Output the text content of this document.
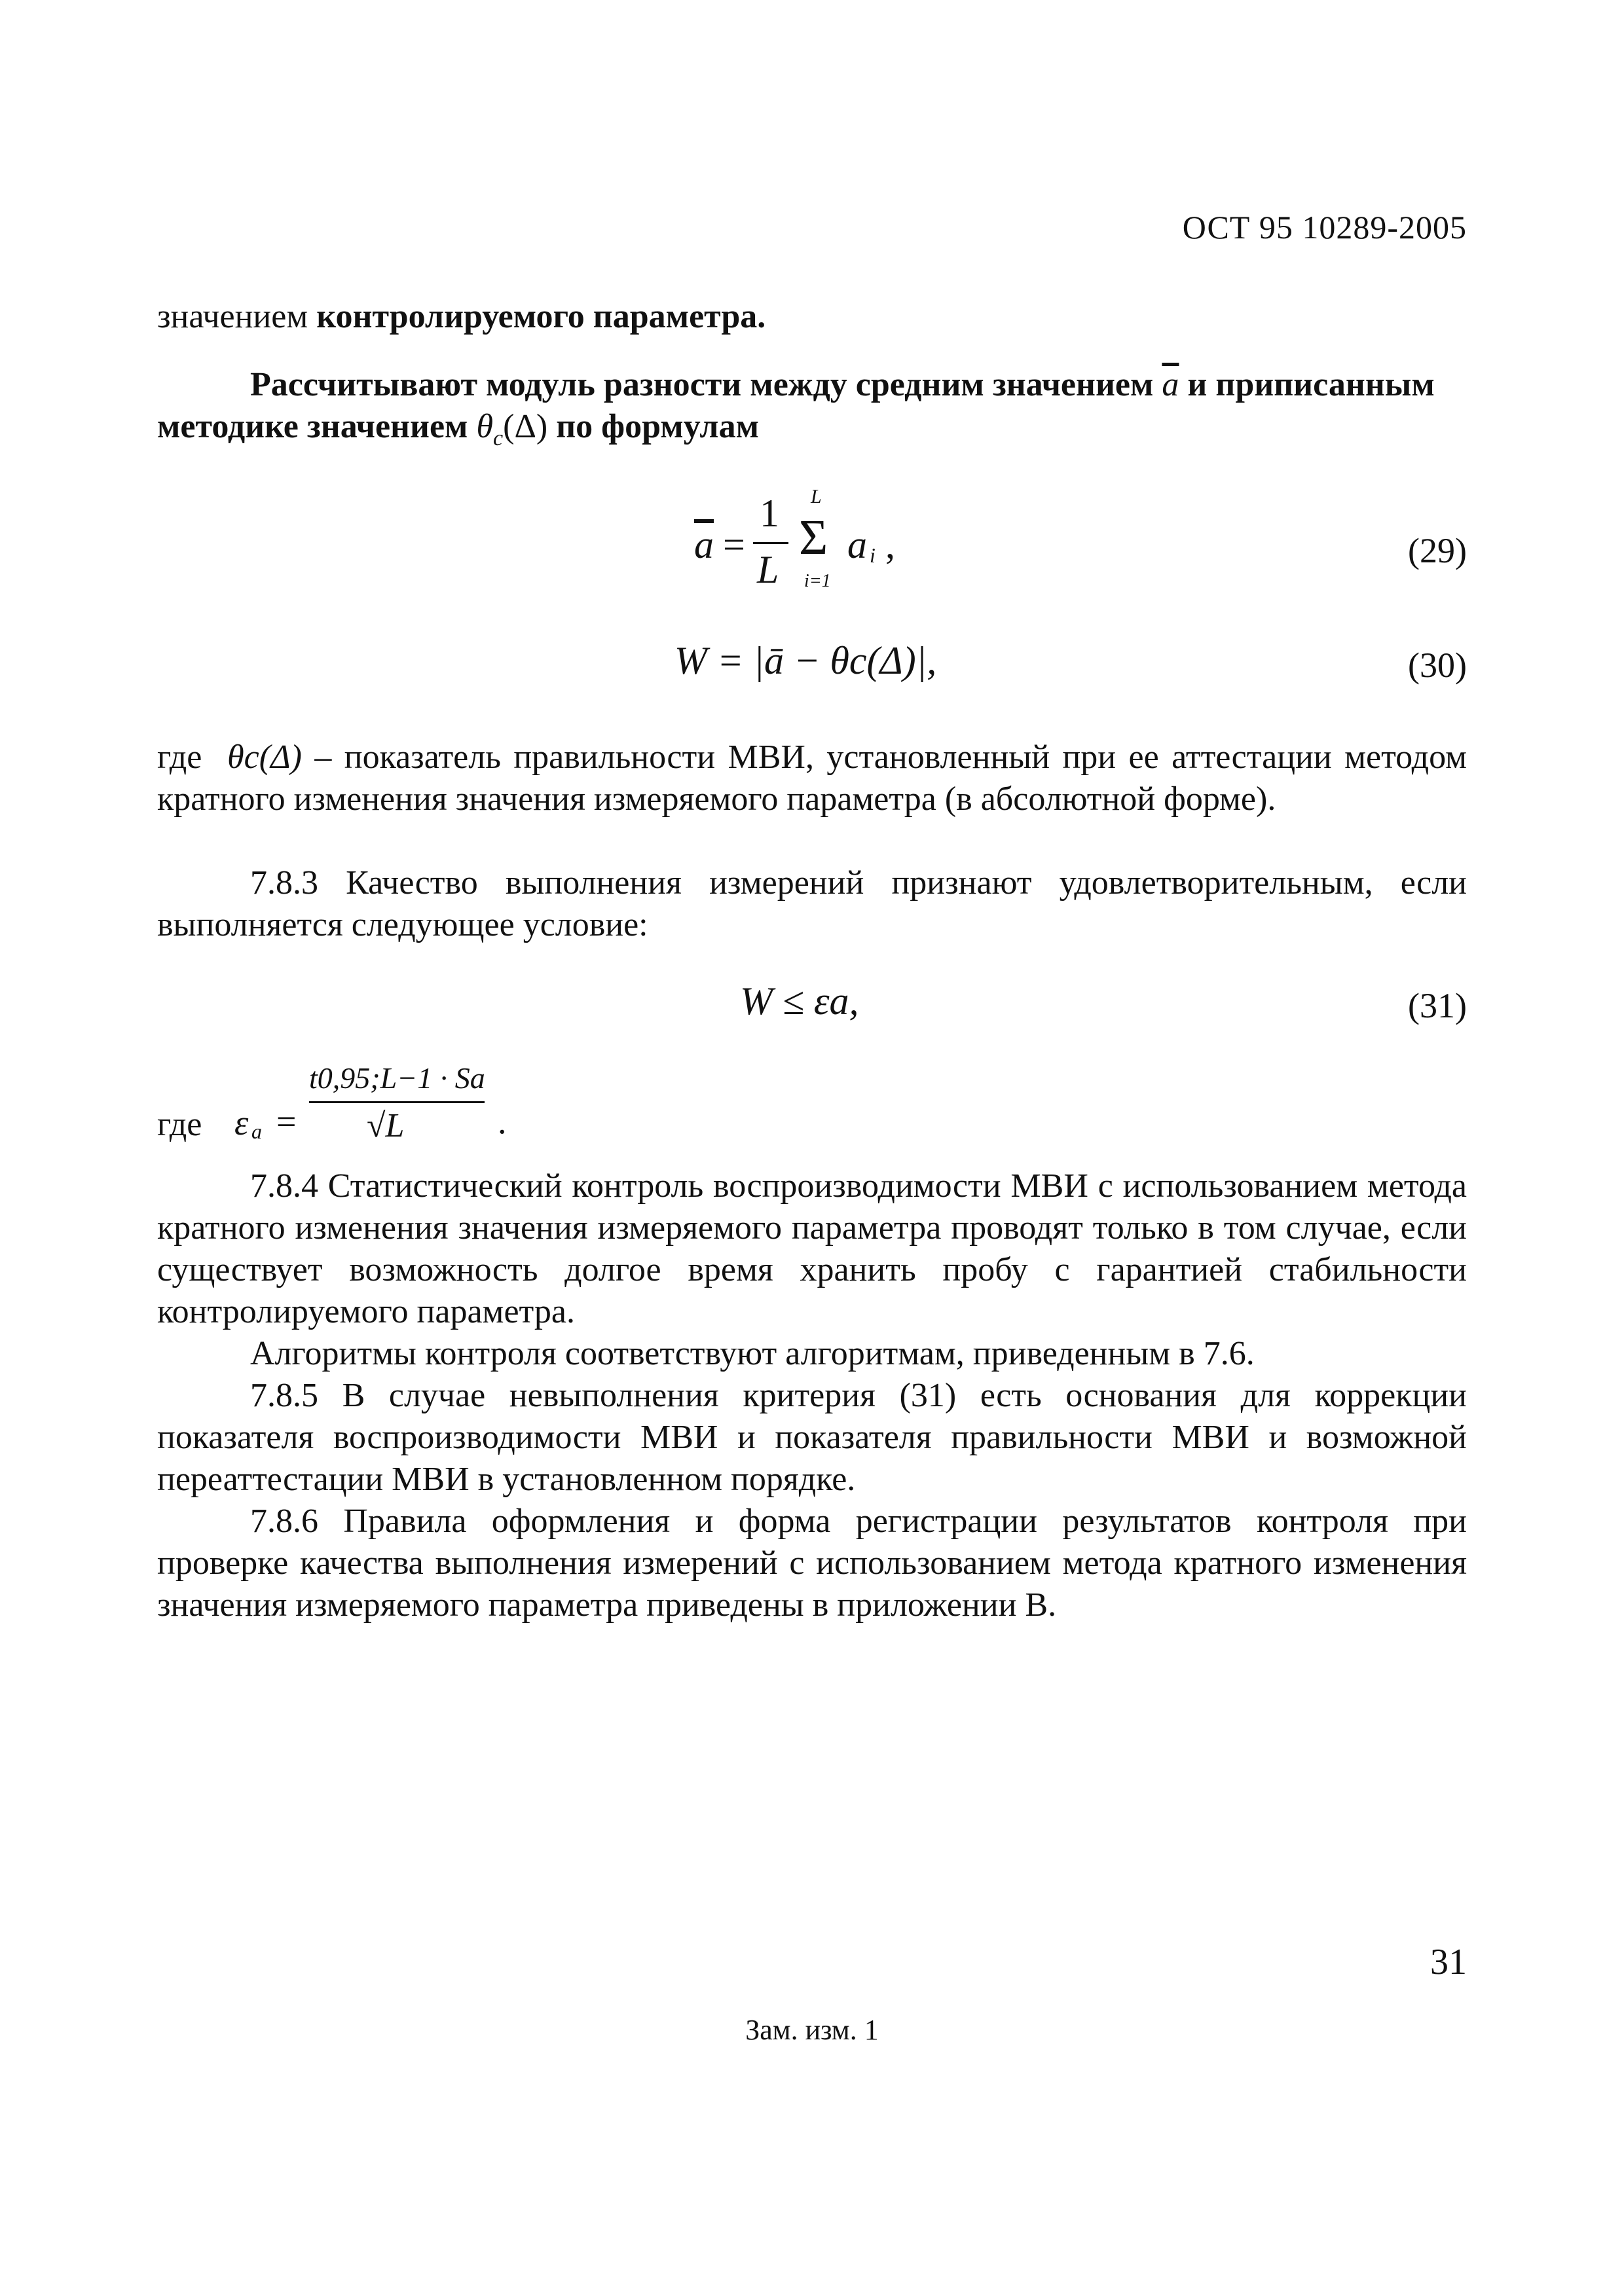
ОСТ 95 10289-2005
значением контролируемого параметра.
Рассчитывают модуль разности между средним значением $\overline{a}$ и приписанным
методике значением $\theta_c(\Delta)$ по формулам
$\overline{a}$ =
1
L
L
Σ
i=1
a i ,	(29)
W = |ā − θc(Δ)|,	(30)
где θc(Δ) – показатель правильности МВИ, установленный при ее аттестации методом кратного изменения значения измеряемого параметра (в абсолютной форме).
7.8.3 Качество выполнения измерений признают удовлетворительным, если выполняется следующее условие:
W ≤ εa,	(31)
где ε a =
t0,95;L−1 · Sa
√L	.
7.8.4 Статистический контроль воспроизводимости МВИ с использованием метода кратного изменения значения измеряемого параметра проводят только в том случае, если существует возможность долгое время хранить пробу с гарантией стабильности контролируемого параметра.
Алгоритмы контроля соответствуют алгоритмам, приведенным в 7.6.
7.8.5 В случае невыполнения критерия (31) есть основания для коррекции показателя воспроизводимости МВИ и показателя правильности МВИ и возможной переаттестации МВИ в установленном порядке.
7.8.6 Правила оформления и форма регистрации результатов контроля при проверке качества выполнения измерений с использованием метода кратного изменения значения измеряемого параметра приведены в приложении В.
31
Зам. изм. 1
